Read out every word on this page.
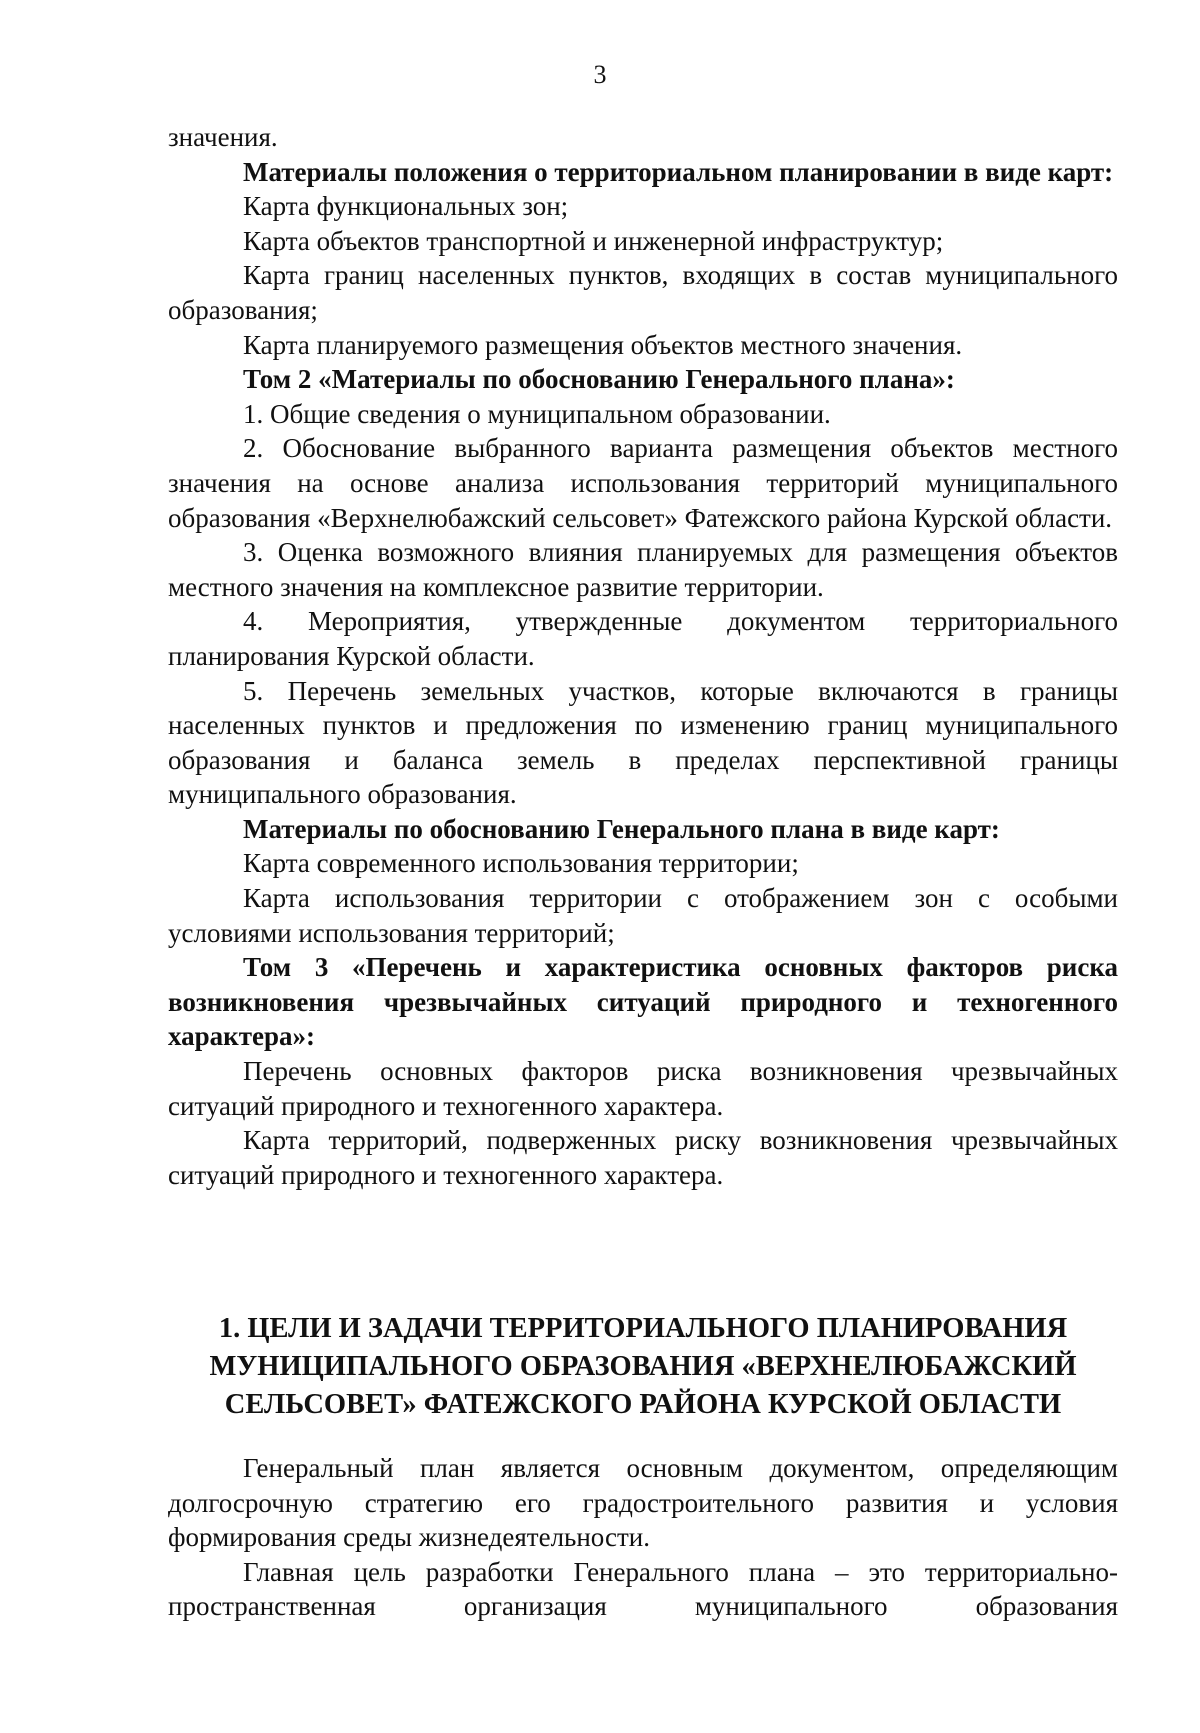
3

значения.

Материалы положения о территориальном планировании в виде карт:

Карта функциональных зон;

Карта объектов транспортной и инженерной инфраструктур;

Карта границ населенных пунктов, входящих в состав муниципального образования;

Карта планируемого размещения объектов местного значения.

Том 2 «Материалы по обоснованию Генерального плана»:

1. Общие сведения о муниципальном образовании.

2. Обоснование выбранного варианта размещения объектов местного значения на основе анализа использования территорий муниципального образования «Верхнелюбажский сельсовет» Фатежского района Курской области.

3. Оценка возможного влияния планируемых для размещения объектов местного значения на комплексное развитие территории.

4. Мероприятия, утвержденные документом территориального планирования Курской области.

5. Перечень земельных участков, которые включаются в границы населенных пунктов и предложения по изменению границ муниципального образования и баланса земель в пределах перспективной границы муниципального образования.

Материалы по обоснованию Генерального плана в виде карт:

Карта современного использования территории;

Карта использования территории с отображением зон с особыми условиями использования территорий;

Том 3 «Перечень и характеристика основных факторов риска возникновения чрезвычайных ситуаций природного и техногенного характера»:

Перечень основных факторов риска возникновения чрезвычайных ситуаций природного и техногенного характера.

Карта территорий, подверженных риску возникновения чрезвычайных ситуаций природного и техногенного характера.

1. ЦЕЛИ И ЗАДАЧИ ТЕРРИТОРИАЛЬНОГО ПЛАНИРОВАНИЯ
МУНИЦИПАЛЬНОГО ОБРАЗОВАНИЯ «ВЕРХНЕЛЮБАЖСКИЙ
СЕЛЬСОВЕТ» ФАТЕЖСКОГО РАЙОНА КУРСКОЙ ОБЛАСТИ

Генеральный план является основным документом, определяющим долгосрочную стратегию его градостроительного развития и условия формирования среды жизнедеятельности.

Главная цель разработки Генерального плана – это территориально-пространственная организация муниципального образования
